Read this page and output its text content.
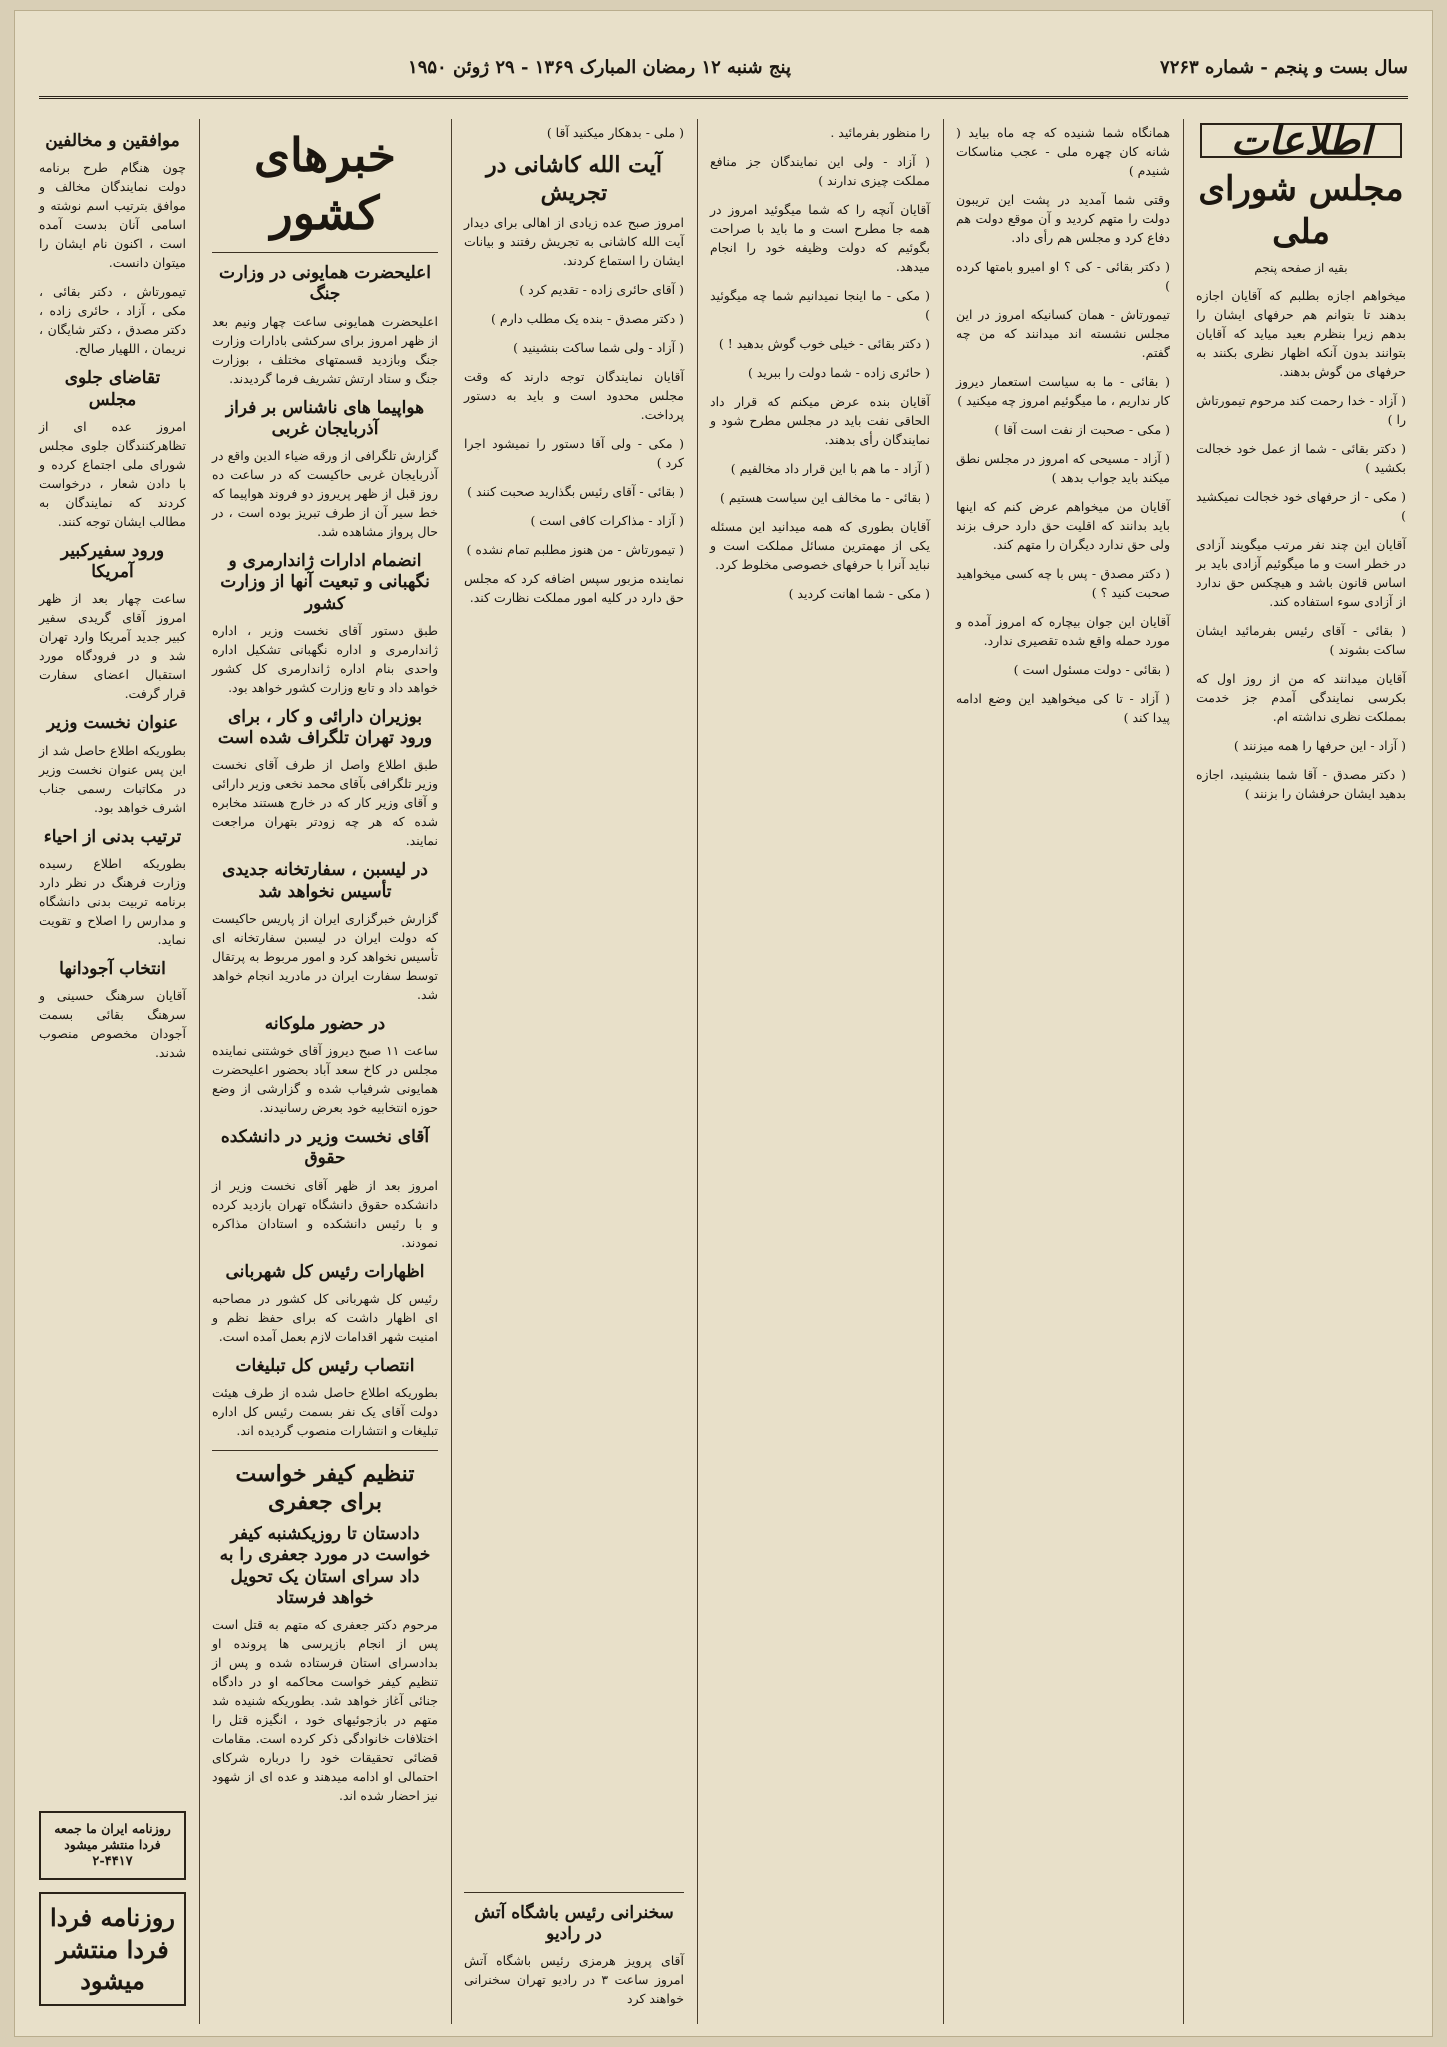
سال بست و پنجم - شماره ۷۲۶۳
پنج شنبه ۱۲ رمضان المبارک ۱۳۶۹ - ۲۹ ژوئن ۱۹۵۰
اطلاعات
مجلس شورای ملی
بقیه از صفحه پنجم
میخواهم اجازه بطلبم که آقایان اجازه بدهند تا بتوانم هم حرفهای ایشان را بدهم زیرا بنظرم بعید میاید که آقایان بتوانند بدون آنکه اظهار نظری بکنند به حرفهای من گوش بدهند.
( آزاد - خدا رحمت کند مرحوم تیمورتاش را )
( دکتر بقائی - شما از عمل خود خجالت بکشید )
( مکی - از حرفهای خود خجالت نمیکشید )
آقایان این چند نفر مرتب میگویند آزادی در خطر است و ما میگوئیم آزادی باید بر اساس قانون باشد و هیچکس حق ندارد از آزادی سوء استفاده کند.
( بقائی - آقای رئیس بفرمائید ایشان ساکت بشوند )
آقایان میدانند که من از روز اول که بکرسی نمایندگی آمدم جز خدمت بمملکت نظری نداشته ام.
( آزاد - این حرفها را همه میزنند )
( دکتر مصدق - آقا شما بنشینید، اجازه بدهید ایشان حرفشان را بزنند )
همانگاه شما شنیده که چه ماه بیاید ( شانه کان چهره ملی - عجب مناسکات شنیدم )
وقتی شما آمدید در پشت این تریبون دولت را متهم کردید و آن موقع دولت هم دفاع کرد و مجلس هم رأی داد.
( دکتر بقائی - کی ؟ او امیرو بامتها کرده )
تیمورتاش - همان کسانیکه امروز در این مجلس نشسته اند میدانند که من چه گفتم.
( بقائی - ما به سیاست استعمار دیروز کار نداریم ، ما میگوئیم امروز چه میکنید )
( مکی - صحبت از نفت است آقا )
( آزاد - مسیحی که امروز در مجلس نطق میکند باید جواب بدهد )
آقایان من میخواهم عرض کنم که اینها باید بدانند که اقلیت حق دارد حرف بزند ولی حق ندارد دیگران را متهم کند.
( دکتر مصدق - پس با چه کسی میخواهید صحبت کنید ؟ )
آقایان این جوان بیچاره که امروز آمده و مورد حمله واقع شده تقصیری ندارد.
( بقائی - دولت مسئول است )
( آزاد - تا کی میخواهید این وضع ادامه پیدا کند )
را منظور بفرمائید .
( آزاد - ولی این نمایندگان جز منافع مملکت چیزی ندارند )
آقایان آنچه را که شما میگوئید امروز در همه جا مطرح است و ما باید با صراحت بگوئیم که دولت وظیفه خود را انجام میدهد.
( مکی - ما اینجا نمیدانیم شما چه میگوئید )
( دکتر بقائی - خیلی خوب گوش بدهید ! )
( حائری زاده - شما دولت را ببرید )
آقایان بنده عرض میکنم که قرار داد الحاقی نفت باید در مجلس مطرح شود و نمایندگان رأی بدهند.
( آزاد - ما هم با این قرار داد مخالفیم )
( بقائی - ما مخالف این سیاست هستیم )
آقایان بطوری که همه میدانید این مسئله یکی از مهمترین مسائل مملکت است و نباید آنرا با حرفهای خصوصی مخلوط کرد.
( مکی - شما اهانت کردید )
( ملی - بدهکار میکنید آقا )
آیت الله کاشانی در تجریش
امروز صبح عده زیادی از اهالی برای دیدار آیت الله کاشانی به تجریش رفتند و بیانات ایشان را استماع کردند.
( آقای حائری زاده - تقدیم کرد )
( دکتر مصدق - بنده یک مطلب دارم )
( آزاد - ولی شما ساکت بنشینید )
آقایان نمایندگان توجه دارند که وقت مجلس محدود است و باید به دستور پرداخت.
( مکی - ولی آقا دستور را نمیشود اجرا کرد )
( بقائی - آقای رئیس بگذارید صحبت کنند )
( آزاد - مذاکرات کافی است )
( تیمورتاش - من هنوز مطلبم تمام نشده )
نماینده مزبور سپس اضافه کرد که مجلس حق دارد در کلیه امور مملکت نظارت کند.
سخنرانی رئیس باشگاه آتش در رادیو
آقای پرویز هرمزی رئیس باشگاه آتش امروز ساعت ۳ در رادیو تهران سخنرانی خواهند کرد
خبرهای کشور
اعلیحضرت همایونی در وزارت جنگ
اعلیحضرت همایونی ساعت چهار ونیم بعد از ظهر امروز برای سرکشی بادارات وزارت جنگ وبازدید قسمتهای مختلف ، بوزارت جنگ و ستاد ارتش تشریف فرما گردیدند.
هواپیما های ناشناس بر فراز آذربایجان غربی
گزارش تلگرافی از ورقه ضیاء الدین واقع در آذربایجان غربی حاکیست که در ساعت ده روز قبل از ظهر پریروز دو فروند هواپیما که خط سیر آن از طرف تبریز بوده است ، در حال پرواز مشاهده شد.
انضمام ادارات ژاندارمری و نگهبانی و تبعیت آنها از وزارت کشور
طبق دستور آقای نخست وزیر ، اداره ژاندارمری و اداره نگهبانی تشکیل اداره واحدی بنام اداره ژاندارمری کل کشور خواهد داد و تابع وزارت کشور خواهد بود.
بوزیران دارائی و کار ، برای ورود تهران تلگراف شده است
طبق اطلاع واصل از طرف آقای نخست وزیر تلگرافی بآقای محمد نخعی وزیر دارائی و آقای وزیر کار که در خارج هستند مخابره شده که هر چه زودتر بتهران مراجعت نمایند.
در لیسبن ، سفارتخانه جدیدی تأسیس نخواهد شد
گزارش خبرگزاری ایران از پاریس حاکیست که دولت ایران در لیسبن سفارتخانه ای تأسیس نخواهد کرد و امور مربوط به پرتقال توسط سفارت ایران در مادرید انجام خواهد شد.
در حضور ملوکانه
ساعت ۱۱ صبح دیروز آقای خوشتنی نماینده مجلس در کاخ سعد آباد بحضور اعلیحضرت همایونی شرفیاب شده و گزارشی از وضع حوزه انتخابیه خود بعرض رسانیدند.
آقای نخست وزیر در دانشکده حقوق
امروز بعد از ظهر آقای نخست وزیر از دانشکده حقوق دانشگاه تهران بازدید کرده و با رئیس دانشکده و استادان مذاکره نمودند.
اظهارات رئیس کل شهربانی
رئیس کل شهربانی کل کشور در مصاحبه ای اظهار داشت که برای حفظ نظم و امنیت شهر اقدامات لازم بعمل آمده است.
انتصاب رئیس کل تبلیغات
بطوریکه اطلاع حاصل شده از طرف هیئت دولت آقای یک نفر بسمت رئیس کل اداره تبلیغات و انتشارات منصوب گردیده اند.
تنظیم کیفر خواست برای جعفری
دادستان تا روزیکشنبه کیفر خواست در مورد جعفری را به داد سرای استان یک تحویل خواهد فرستاد
مرحوم دکتر جعفری که متهم به قتل است پس از انجام بازپرسی ها پرونده او بدادسرای استان فرستاده شده و پس از تنظیم کیفر خواست محاکمه او در دادگاه جنائی آغاز خواهد شد. بطوریکه شنیده شد متهم در بازجوئیهای خود ، انگیزه قتل را اختلافات خانوادگی ذکر کرده است. مقامات قضائی تحقیقات خود را درباره شرکای احتمالی او ادامه میدهند و عده ای از شهود نیز احضار شده اند.
موافقین و مخالفین
چون هنگام طرح برنامه دولت نمایندگان مخالف و موافق بترتیب اسم نوشته و اسامی آنان بدست آمده است ، اکنون نام ایشان را میتوان دانست.
تیمورتاش ، دکتر بقائی ، مکی ، آزاد ، حائری زاده ، دکتر مصدق ، دکتر شایگان ، نریمان ، اللهیار صالح.
تقاضای جلوی مجلس
امروز عده ای از تظاهرکنندگان جلوی مجلس شورای ملی اجتماع کرده و با دادن شعار ، درخواست کردند که نمایندگان به مطالب ایشان توجه کنند.
ورود سفیرکبیر آمریکا
ساعت چهار بعد از ظهر امروز آقای گریدی سفیر کبیر جدید آمریکا وارد تهران شد و در فرودگاه مورد استقبال اعضای سفارت قرار گرفت.
عنوان نخست وزیر
بطوریکه اطلاع حاصل شد از این پس عنوان نخست وزیر در مکاتبات رسمی جناب اشرف خواهد بود.
ترتیب بدنی از احیاء
بطوریکه اطلاع رسیده وزارت فرهنگ در نظر دارد برنامه تربیت بدنی دانشگاه و مدارس را اصلاح و تقویت نماید.
انتخاب آجودانها
آقایان سرهنگ حسینی و سرهنگ بقائی بسمت آجودان مخصوص منصوب شدند.
روزنامه ایران ما جمعه فردا منتشر میشود
۲-۴۴۱۷
روزنامه فردا فردا منتشر میشود
